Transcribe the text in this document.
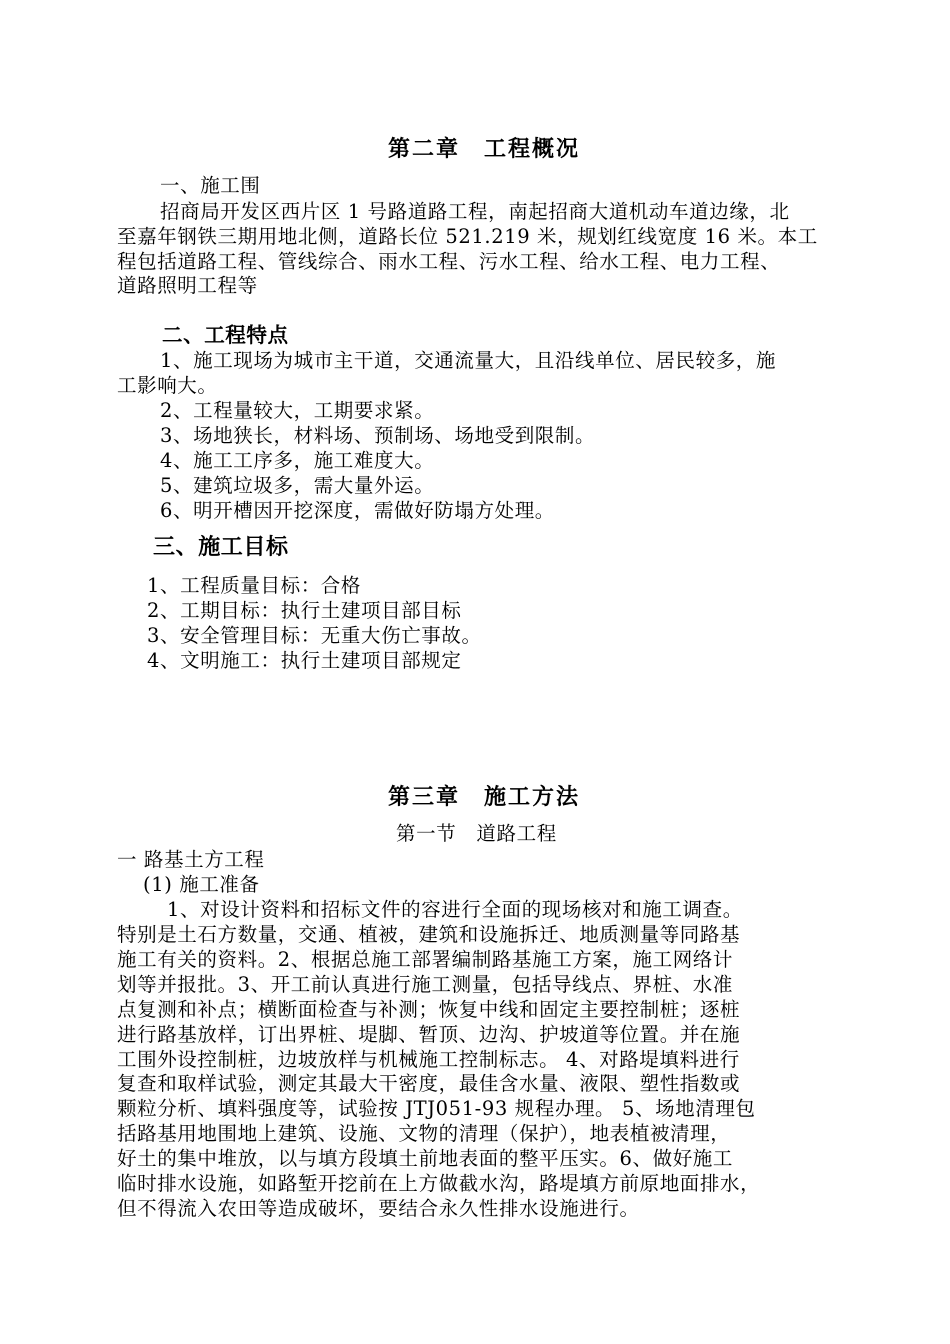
第二章　工程概况
一、施工围
招商局开发区西片区 1 号路道路工程，南起招商大道机动车道边缘，北
至嘉年钢铁三期用地北侧，道路长位 521.219 米，规划红线宽度 16 米。本工
程包括道路工程、管线综合、雨水工程、污水工程、给水工程、电力工程、
道路照明工程等
二、工程特点
1、施工现场为城市主干道，交通流量大，且沿线单位、居民较多，施
工影响大。
2、工程量较大，工期要求紧。
3、场地狭长，材料场、预制场、场地受到限制。
4、施工工序多，施工难度大。
5、建筑垃圾多，需大量外运。
6、明开槽因开挖深度，需做好防塌方处理。
三、施工目标
1、工程质量目标：合格
2、工期目标：执行土建项目部目标
3、安全管理目标：无重大伤亡事故。
4、文明施工：执行土建项目部规定
第三章　施工方法
第一节　道路工程
一 路基土方工程
(1) 施工准备
1、对设计资料和招标文件的容进行全面的现场核对和施工调查。
特别是土石方数量，交通、植被，建筑和设施拆迁、地质测量等同路基
施工有关的资料。2、根据总施工部署编制路基施工方案，施工网络计
划等并报批。3、开工前认真进行施工测量，包括导线点、界桩、水准
点复测和补点；横断面检查与补测；恢复中线和固定主要控制桩；逐桩
进行路基放样，订出界桩、堤脚、暂顶、边沟、护坡道等位置。并在施
工围外设控制桩，边坡放样与机械施工控制标志。 4、对路堤填料进行
复查和取样试验，测定其最大干密度，最佳含水量、液限、塑性指数或
颗粒分析、填料强度等，试验按 JTJ051-93 规程办理。 5、场地清理包
括路基用地围地上建筑、设施、文物的清理（保护），地表植被清理，
好土的集中堆放，以与填方段填土前地表面的整平压实。6、做好施工
临时排水设施，如路堑开挖前在上方做截水沟，路堤填方前原地面排水，
但不得流入农田等造成破坏，要结合永久性排水设施进行。
